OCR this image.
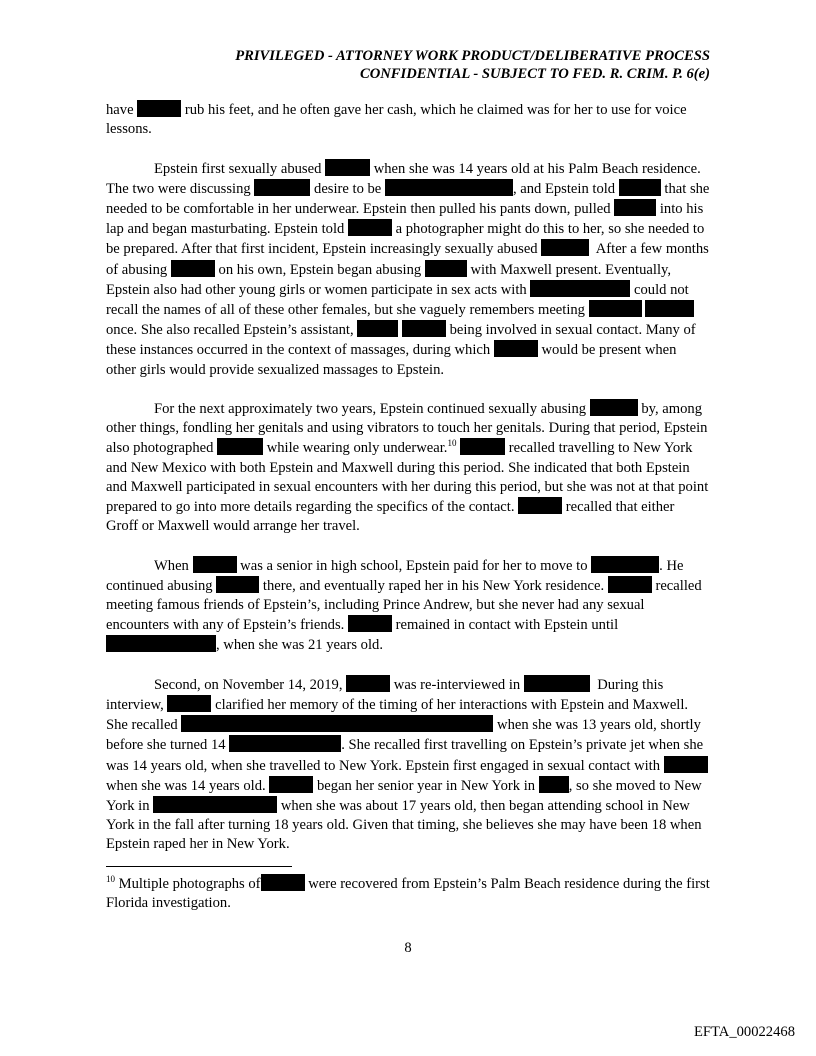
PRIVILEGED - ATTORNEY WORK PRODUCT/DELIBERATIVE PROCESS
CONFIDENTIAL - SUBJECT TO FED. R. CRIM. P. 6(e)

have	rub his feet, and he often gave her cash, which he claimed was for her to use for voice lessons.

Epstein first sexually abused	when she was 14 years old at his Palm Beach residence. The two were discussing	desire to be	, and Epstein told	that she needed to be comfortable in her underwear. Epstein then pulled his pants down, pulled	into his lap and began masturbating. Epstein told	a photographer might do this to her, so she needed to be prepared. After that first incident, Epstein increasingly sexually abused	After a few months of abusing	on his own, Epstein began abusing	with Maxwell present. Eventually, Epstein also had other young girls or women participate in sex acts with	could not recall the names of all of these other females, but she vaguely remembers meeting   once. She also recalled Epstein’s assistant,	being involved in sexual contact. Many of these instances occurred in the context of massages, during which	would be present when other girls would provide sexualized massages to Epstein.

For the next approximately two years, Epstein continued sexually abusing	by, among other things, fondling her genitals and using vibrators to touch her genitals. During that period, Epstein also photographed	while wearing only underwear.$^{10}$	recalled travelling to New York and New Mexico with both Epstein and Maxwell during this period. She indicated that both Epstein and Maxwell participated in sexual encounters with her during this period, but she was not at that point prepared to go into more details regarding the specifics of the contact.	recalled that either Groff or Maxwell would arrange her travel.

When	was a senior in high school, Epstein paid for her to move to	. He continued abusing	there, and eventually raped her in his New York residence.	recalled meeting famous friends of Epstein’s, including Prince Andrew, but she never had any sexual encounters with any of Epstein’s friends.	remained in contact with Epstein until , when she was 21 years old.

Second, on November 14, 2019,	was re-interviewed in	During this interview,	clarified her memory of the timing of her interactions with Epstein and Maxwell. She recalled	when she was 13 years old, shortly before she turned 14	. She recalled first travelling on Epstein’s private jet when she was 14 years old, when she travelled to New York. Epstein first engaged in sexual contact with  when she was 14 years old.	began her senior year in New York in , so she moved to New York in	when she was about 17 years old, then began attending school in New York in the fall after turning 18 years old. Given that timing, she believes she may have been 18 when Epstein raped her in New York.

$^{10}$ Multiple photographs of	were recovered from Epstein’s Palm Beach residence during the first Florida investigation.
8
EFTA_00022468
